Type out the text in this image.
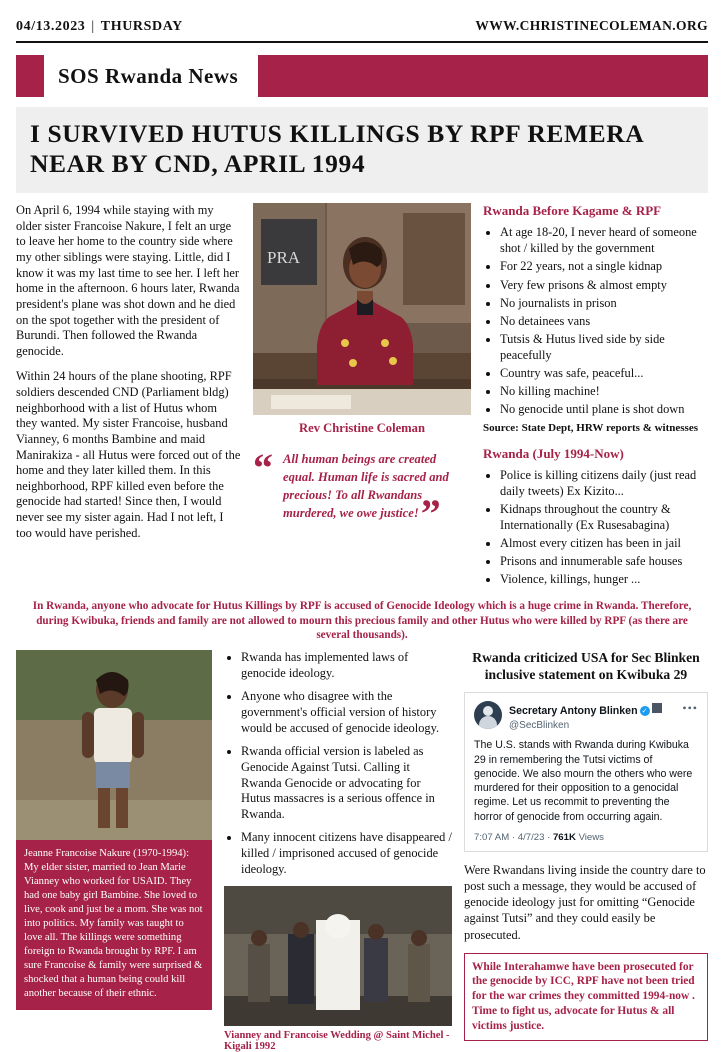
04/13.2023 | THURSDAY	WWW.CHRISTINECOLEMAN.ORG
SOS Rwanda News
I SURVIVED HUTUS KILLINGS BY RPF REMERA NEAR BY CND, APRIL 1994

On April 6, 1994 while staying with my older sister Francoise Nakure, I felt an urge to leave her home to the country side where my other siblings were staying. Little, did I know it was my last time to see her. I left her home in the afternoon. 6 hours later, Rwanda president's plane was shot down and he died on the spot together with the president of Burundi. Then followed the Rwanda genocide.

Within 24 hours of the plane shooting, RPF soldiers descended CND (Parliament bldg) neighborhood with a list of Hutus whom they wanted. My sister Francoise, husband Vianney, 6 months Bambine and maid Manirakiza - all Hutus were forced out of the home and they later killed them. In this neighborhood, RPF killed even before the genocide had started! Since then, I would never see my sister again. Had I not left, I too would have perished.

PRA
Rev Christine Coleman
“ All human beings are created equal. Human life is sacred and precious! To all Rwandans murdered, we owe justice!”
Rwanda Before Kagame & RPF
• At age 18-20, I never heard of someone shot / killed by the government
• For 22 years, not a single kidnap
• Very few prisons & almost empty
• No journalists in prison
• No detainees vans
• Tutsis & Hutus lived side by side peacefully
• Country was safe, peaceful...
• No killing machine!
• No genocide until plane is shot down
Source: State Dept, HRW reports & witnesses
Rwanda (July 1994-Now)
• Police is killing citizens daily (just read daily tweets) Ex Kizito...
• Kidnaps throughout the country & Internationally (Ex Rusesabagina)
• Almost every citizen has been in jail
• Prisons and innumerable safe houses
• Violence, killings, hunger ...
In Rwanda, anyone who advocate for Hutus Killings by RPF is accused of Genocide Ideology which is a huge crime in Rwanda. Therefore, during Kwibuka, friends and family are not allowed to mourn this precious family and other Hutus who were killed by RPF (as there are several thousands).
Jeanne Francoise Nakure (1970-1994): My elder sister, married to Jean Marie Vianney who worked for USAID. They had one baby girl Bambine. She loved to live, cook and just be a mom. She was not into politics. My family was taught to love all. The killings were something foreign to Rwanda brought by RPF. I am sure Francoise & family were surprised & shocked that a human being could kill another because of their ethnic.
• Rwanda has implemented laws of genocide ideology.
• Anyone who disagree with the government's official version of history would be accused of genocide ideology.
• Rwanda official version is labeled as Genocide Against Tutsi. Calling it Rwanda Genocide or advocating for Hutus massacres is a serious offence in Rwanda.
• Many innocent citizens have disappeared / killed / imprisoned accused of genocide ideology.
Vianney and Francoise Wedding @ Saint Michel - Kigali 1992
Rwanda criticized USA for Sec Blinken inclusive statement on Kwibuka 29
Secretary Antony Blinken ✓
@SecBlinken
•••
The U.S. stands with Rwanda during Kwibuka 29 in remembering the Tutsi victims of genocide. We also mourn the others who were murdered for their opposition to a genocidal regime. Let us recommit to preventing the horror of genocide from occurring again.
7:07 AM · 4/7/23 · 761K Views

Were Rwandans living inside the country dare to post such a message, they would be accused of genocide ideology just for omitting “Genocide against Tutsi” and they could easily be prosecuted.

While Interahamwe have been prosecuted for the genocide by ICC, RPF have not been tried for the war crimes they committed 1994-now . Time to fight us, advocate for Hutus & all victims justice.
